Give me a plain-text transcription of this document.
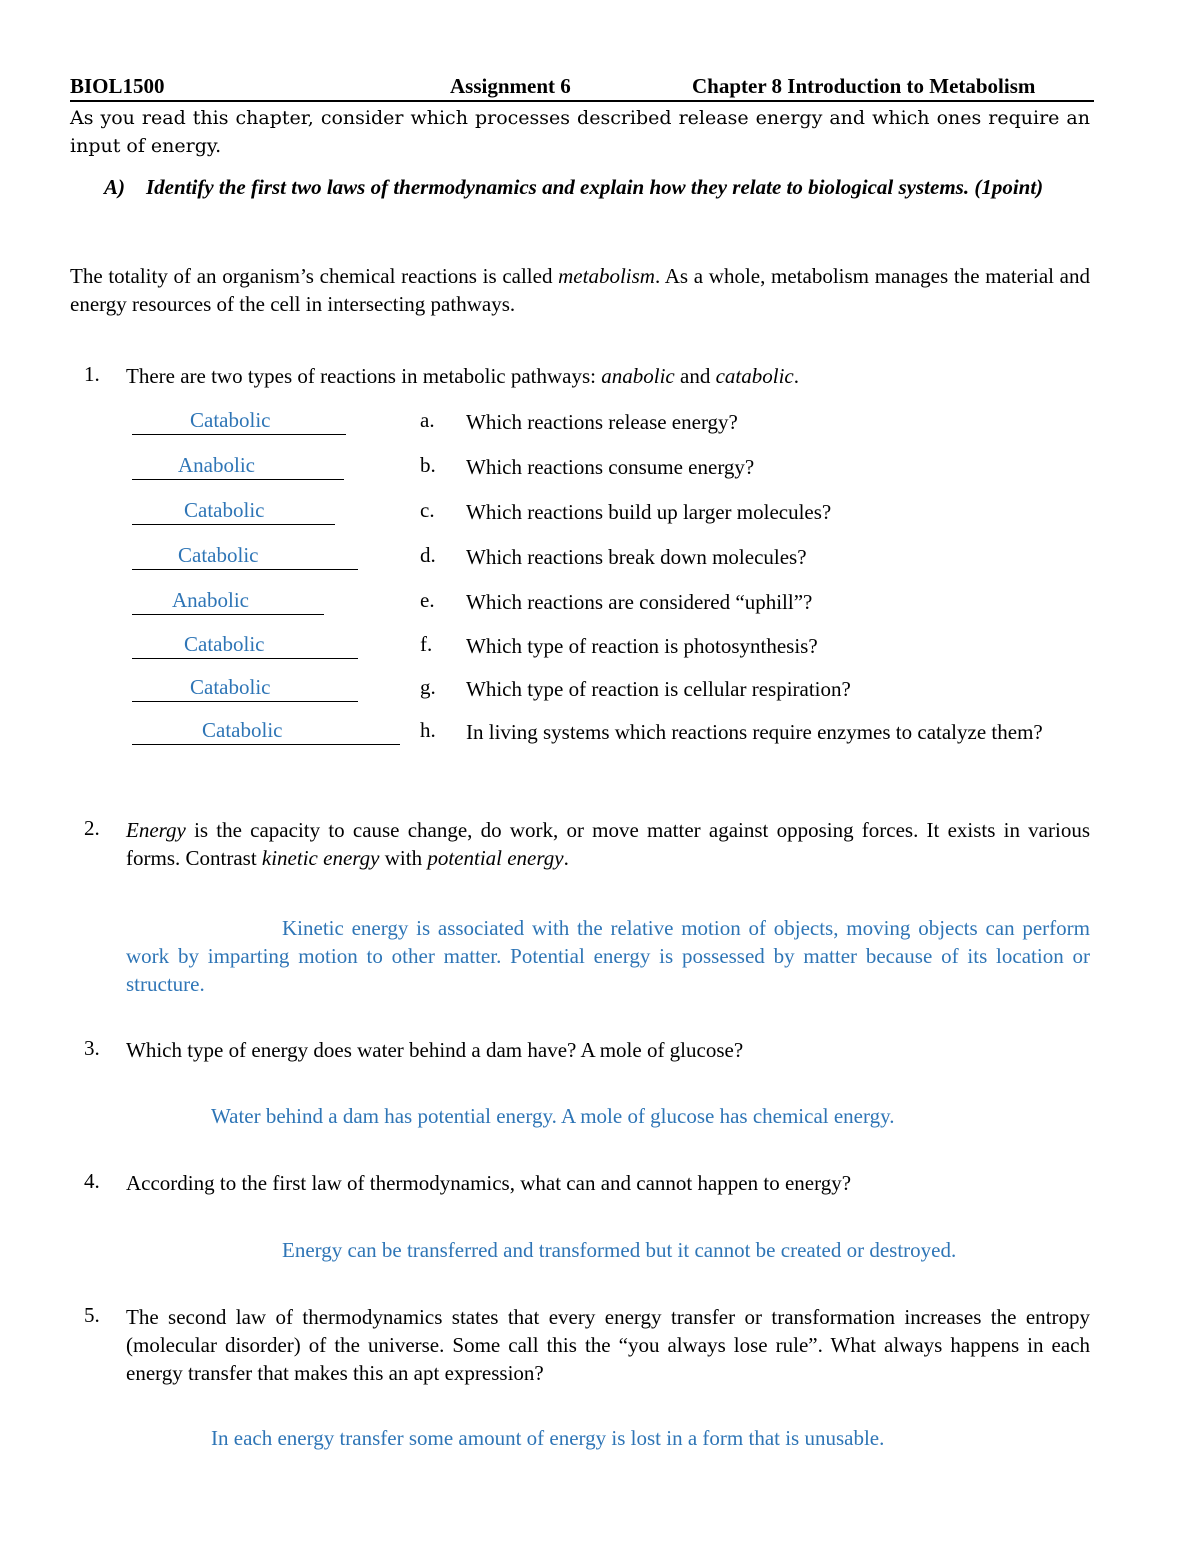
BIOL1500	Assignment 6	Chapter 8 Introduction to Metabolism
As you read this chapter, consider which processes described release energy and which ones require an input of energy.
A) Identify the first two laws of thermodynamics and explain how they relate to biological systems. (1point)
The totality of an organism’s chemical reactions is called metabolism. As a whole, metabolism manages the material and energy resources of the cell in intersecting pathways.
1. There are two types of reactions in metabolic pathways: anabolic and catabolic.
Catabolic	a. Which reactions release energy?
Anabolic	b. Which reactions consume energy?
Catabolic	c. Which reactions build up larger molecules?
Catabolic	d. Which reactions break down molecules?
Anabolic	e. Which reactions are considered “uphill”?
Catabolic	f. Which type of reaction is photosynthesis?
Catabolic	g. Which type of reaction is cellular respiration?
Catabolic	h. In living systems which reactions require enzymes to catalyze them?
2. Energy is the capacity to cause change, do work, or move matter against opposing forces. It exists in various forms. Contrast kinetic energy with potential energy.
Kinetic energy is associated with the relative motion of objects, moving objects can perform work by imparting motion to other matter. Potential energy is possessed by matter because of its location or structure.
3. Which type of energy does water behind a dam have? A mole of glucose?
Water behind a dam has potential energy. A mole of glucose has chemical energy.
4. According to the first law of thermodynamics, what can and cannot happen to energy?
Energy can be transferred and transformed but it cannot be created or destroyed.
5. The second law of thermodynamics states that every energy transfer or transformation increases the entropy (molecular disorder) of the universe. Some call this the “you always lose rule”. What always happens in each energy transfer that makes this an apt expression?
In each energy transfer some amount of energy is lost in a form that is unusable.
